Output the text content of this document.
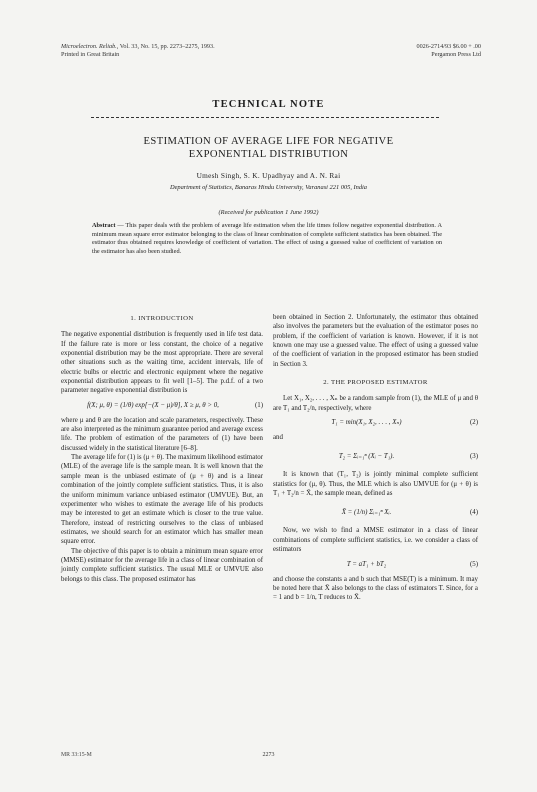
Microelectron. Reliab., Vol. 33, No. 15, pp. 2273–2275, 1993.
Printed in Great Britain
0026-2714/93 $6.00 + .00
Pergamon Press Ltd
TECHNICAL NOTE
ESTIMATION OF AVERAGE LIFE FOR NEGATIVE
EXPONENTIAL DISTRIBUTION
Umesh Singh, S. K. Upadhyay and A. N. Rai
Department of Statistics, Banaras Hindu University, Varanasi 221 005, India
(Received for publication 1 June 1992)
Abstract — This paper deals with the problem of average life estimation when the life times follow negative exponential distribution. A minimum mean square error estimator belonging to the class of linear combination of complete sufficient statistics has been obtained. The estimator thus obtained requires knowledge of coefficient of variation. The effect of using a guessed value of coefficient of variation on the estimator has also been studied.
1. INTRODUCTION

The negative exponential distribution is frequently used in life test data. If the failure rate is more or less constant, the choice of a negative exponential distribution may be the most appropriate. There are several other situations such as the waiting time, accident intervals, life of electric bulbs or electric and electronic equipment where the negative exponential distribution appears to fit well [1–5]. The p.d.f. of a two parameter negative exponential distribution is

f(X; μ, θ) = (1/θ) exp[−(X − μ)/θ], X ≥ μ, θ > 0,	(1)

where μ and θ are the location and scale parameters, respectively. These are also interpreted as the minimum guarantee period and average excess life. The problem of estimation of the parameters of (1) have been discussed widely in the statistical literature [6–8].

The average life for (1) is (μ + θ). The maximum likelihood estimator (MLE) of the average life is the sample mean. It is well known that the sample mean is the unbiased estimate of (μ + θ) and is a linear combination of the jointly complete sufficient statistics. Thus, it is also the uniform minimum variance unbiased estimator (UMVUE). But, an experimenter who wishes to estimate the average life of his products may be interested to get an estimate which is closer to the true value. Therefore, instead of restricting ourselves to the class of unbiased estimates, we should search for an estimator which has smaller mean square error.

The objective of this paper is to obtain a minimum mean square error (MMSE) estimator for the average life in a class of linear combination of jointly complete sufficient statistics. The usual MLE or UMVUE also belongs to this class. The proposed estimator has

been obtained in Section 2. Unfortunately, the estimator thus obtained also involves the parameters but the evaluation of the estimator poses no problem, if the coefficient of variation is known. However, if it is not known one may use a guessed value. The effect of using a guessed value of the coefficient of variation in the proposed estimator has been studied in Section 3.

2. THE PROPOSED ESTIMATOR

Let X₁, X₂, . . . , Xₙ be a random sample from (1), the MLE of μ and θ are T₁ and T₂/n, respectively, where

T₁ = min(X₁, X₂, . . . , Xₙ)	(2)

and

T₂ = Σᵢ₌₁ⁿ (Xᵢ − T₁).	(3)

It is known that (T₁, T₂) is jointly minimal complete sufficient statistics for (μ, θ). Thus, the MLE which is also UMVUE for (μ + θ) is T₁ + T₂/n = X̄, the sample mean, defined as

X̄ = (1/n) Σᵢ₌₁ⁿ Xᵢ.	(4)

Now, we wish to find a MMSE estimator in a class of linear combinations of complete sufficient statistics, i.e. we consider a class of estimators

T = aT₁ + bT₂	(5)

and choose the constants a and b such that MSE(T) is a minimum. It may be noted here that X̄ also belongs to the class of estimators T. Since, for a = 1 and b = 1/n, T reduces to X̄.

MR 33:15-M	2273
